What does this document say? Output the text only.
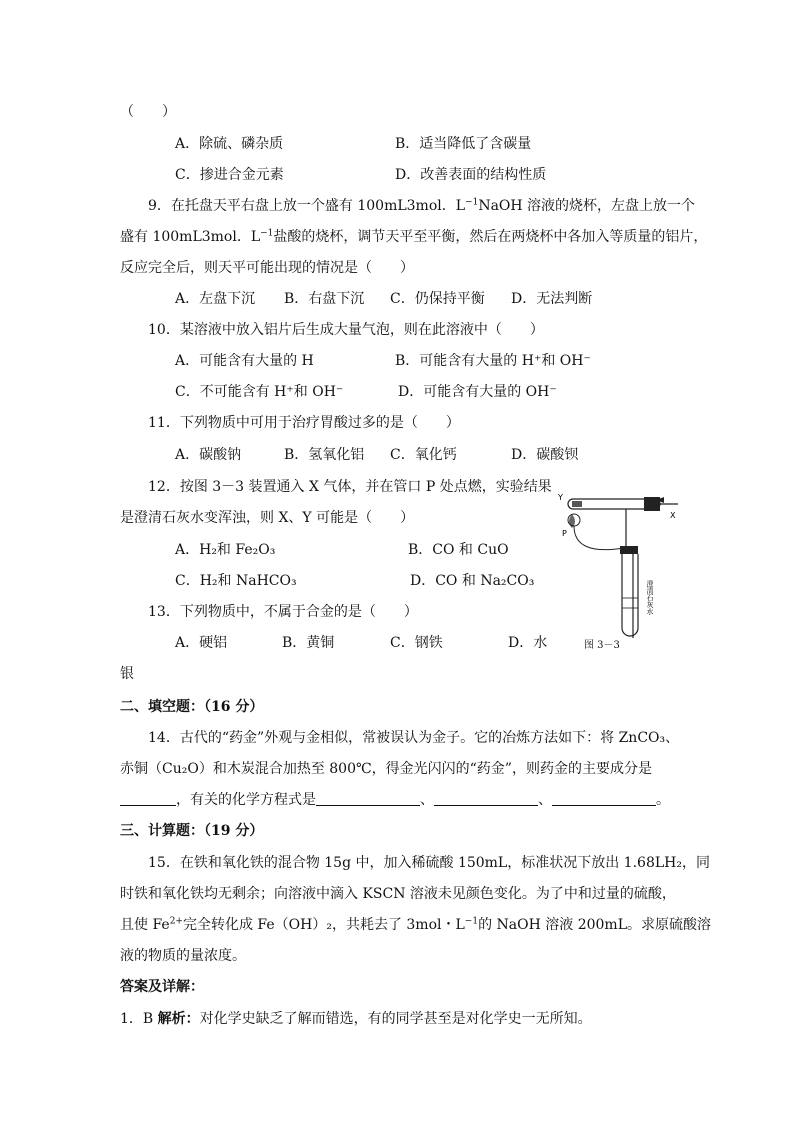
（　　）
A．除硫、磷杂质	B．适当降低了含碳量
C．掺进合金元素	D．改善表面的结构性质
9．在托盘天平右盘上放一个盛有 100mL3mol．$L^{-1}NaOH$ 溶液的烧杯，左盘上放一个
盛有 100mL3mol．$L^{-1}$盐酸的烧杯，调节天平至平衡，然后在两烧杯中各加入等质量的铝片，
反应完全后，则天平可能出现的情况是（　　）
A．左盘下沉 B．右盘下沉 C．仍保持平衡 D．无法判断
10．某溶液中放入铝片后生成大量气泡，则在此溶液中（　　）
A．可能含有大量的 H	B．可能含有大量的 H⁺和 OH⁻
C．不可能含有 H⁺和 OH⁻	D．可能含有大量的 OH⁻
11．下列物质中可用于治疗胃酸过多的是（　　）
A．碳酸钠	B．氢氧化铝 C．氧化钙	D．碳酸钡
12．按图 3－3 装置通入 X 气体，并在管口 P 处点燃，实验结果
是澄清石灰水变浑浊，则 X、Y 可能是（　　）
A．H₂和 Fe₂O₃	B．CO 和 CuO
C．H₂和 NaHCO₃	D．CO 和 Na₂CO₃
13．下列物质中，不属于合金的是（　　）
A．硬铝	B．黄铜	C．钢铁	D．水
银
Y
X
P
澄清石灰水
图 3－3
二、填空题：（16 分）
14．古代的“药金”外观与金相似，常被误认为金子。它的冶炼方法如下：将 ZnCO₃、
赤铜（Cu₂O）和木炭混合加热至 800℃，得金光闪闪的“药金”，则药金的主要成分是
，有关的化学方程式是	、	、	。
三、计算题：（19 分）
15．在铁和氧化铁的混合物 15g 中，加入稀硫酸 150mL，标准状况下放出 1.68LH₂，同
时铁和氧化铁均无剩余；向溶液中滴入 KSCN 溶液未见颜色变化。为了中和过量的硫酸，
且使 $Fe^{2+}$完全转化成 Fe（OH）₂，共耗去了 3mol・$L^{-1}$的 NaOH 溶液 200mL。求原硫酸溶
液的物质的量浓度。
答案及详解：
1．B 解析：对化学史缺乏了解而错选，有的同学甚至是对化学史一无所知。
